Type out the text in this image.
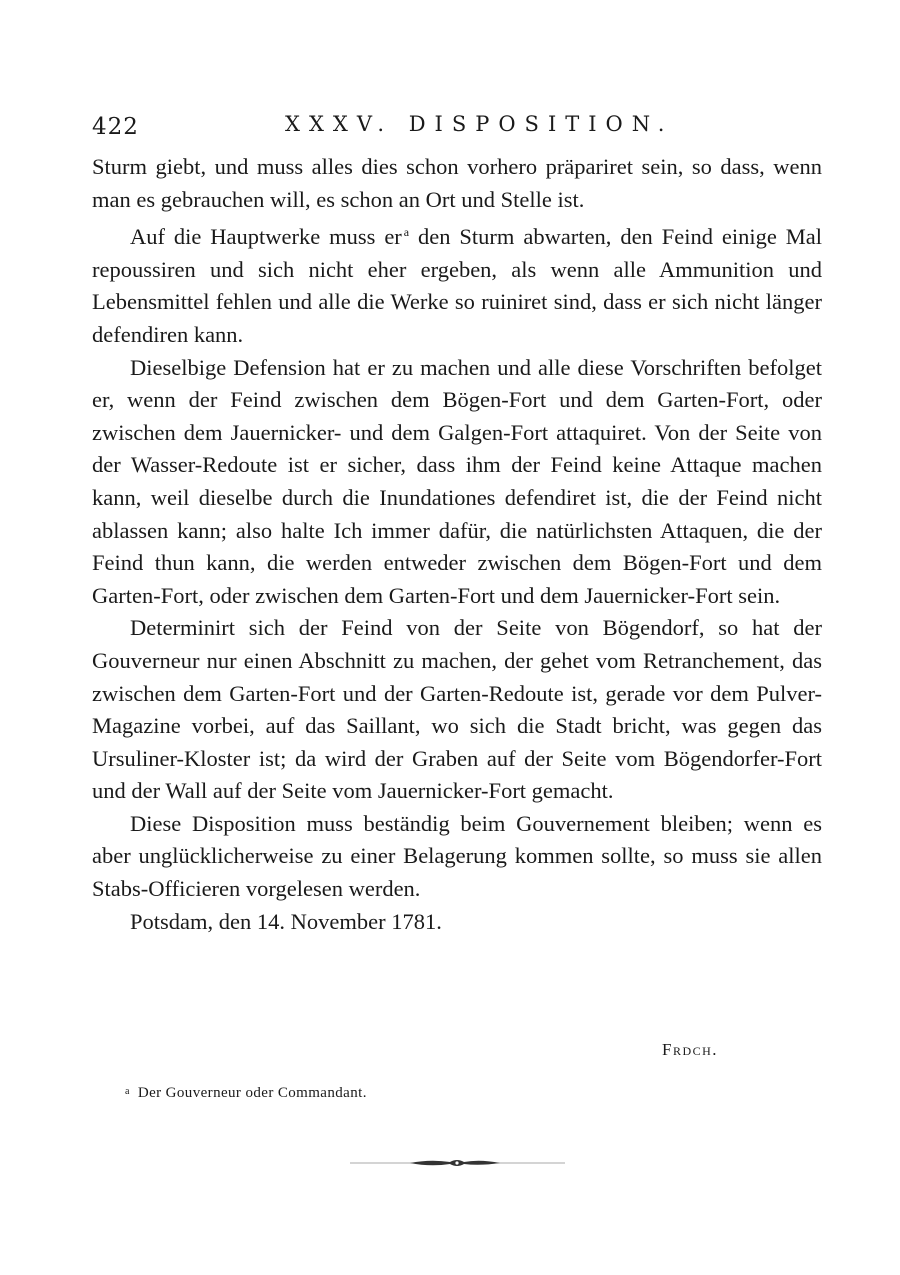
422	XXXV. DISPOSITION.

Sturm giebt, und muss alles dies schon vorhero präpariret sein, so dass, wenn man es gebrauchen will, es schon an Ort und Stelle ist.

Auf die Hauptwerke muss er $^a$ den Sturm abwarten, den Feind einige Mal repoussiren und sich nicht eher ergeben, als wenn alle Ammunition und Lebensmittel fehlen und alle die Werke so ruiniret sind, dass er sich nicht länger defendiren kann.

Dieselbige Defension hat er zu machen und alle diese Vorschriften befolget er, wenn der Feind zwischen dem Bögen-Fort und dem Garten-Fort, oder zwischen dem Jauernicker- und dem Galgen-Fort attaquiret. Von der Seite von der Wasser-Redoute ist er sicher, dass ihm der Feind keine Attaque machen kann, weil dieselbe durch die Inundationes defendiret ist, die der Feind nicht ablassen kann; also halte Ich immer dafür, die natürlichsten Attaquen, die der Feind thun kann, die werden entweder zwischen dem Bögen-Fort und dem Garten-Fort, oder zwischen dem Garten-Fort und dem Jauernicker-Fort sein.

Determinirt sich der Feind von der Seite von Bögendorf, so hat der Gouverneur nur einen Abschnitt zu machen, der gehet vom Retranchement, das zwischen dem Garten-Fort und der Garten-Redoute ist, gerade vor dem Pulver-Magazine vorbei, auf das Saillant, wo sich die Stadt bricht, was gegen das Ursuliner-Kloster ist; da wird der Graben auf der Seite vom Bögendorfer-Fort und der Wall auf der Seite vom Jauernicker-Fort gemacht.

Diese Disposition muss beständig beim Gouvernement bleiben; wenn es aber unglücklicherweise zu einer Belagerung kommen sollte, so muss sie allen Stabs-Officieren vorgelesen werden.

Potsdam, den 14. November 1781.

Frdch.
$^a$ Der Gouverneur oder Commandant.
